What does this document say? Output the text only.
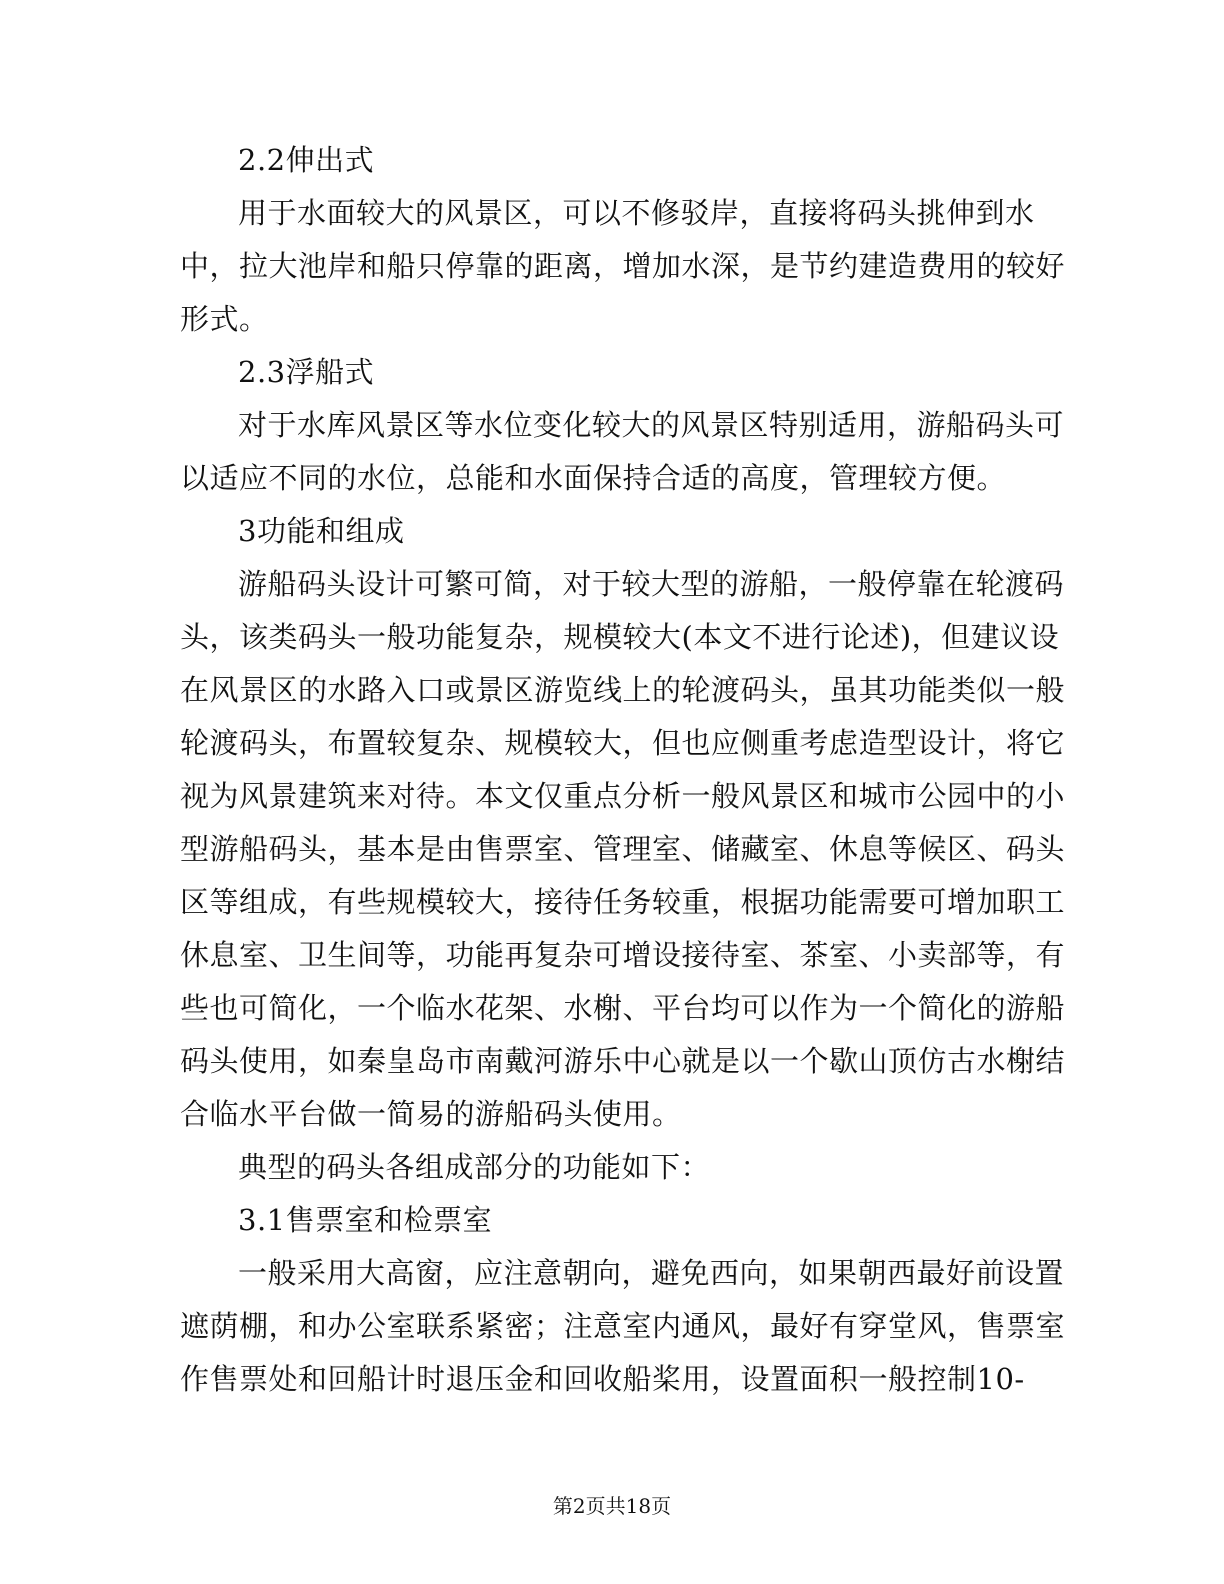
2.2伸出式
用于水面较大的风景区，可以不修驳岸，直接将码头挑伸到水
中，拉大池岸和船只停靠的距离，增加水深，是节约建造费用的较好
形式。
2.3浮船式
对于水库风景区等水位变化较大的风景区特别适用，游船码头可
以适应不同的水位，总能和水面保持合适的高度，管理较方便。
3功能和组成
游船码头设计可繁可简，对于较大型的游船，一般停靠在轮渡码
头，该类码头一般功能复杂，规模较大(本文不进行论述)，但建议设
在风景区的水路入口或景区游览线上的轮渡码头，虽其功能类似一般
轮渡码头，布置较复杂、规模较大，但也应侧重考虑造型设计，将它
视为风景建筑来对待。本文仅重点分析一般风景区和城市公园中的小
型游船码头，基本是由售票室、管理室、储藏室、休息等候区、码头
区等组成，有些规模较大，接待任务较重，根据功能需要可增加职工
休息室、卫生间等，功能再复杂可增设接待室、茶室、小卖部等，有
些也可简化，一个临水花架、水榭、平台均可以作为一个简化的游船
码头使用，如秦皇岛市南戴河游乐中心就是以一个歇山顶仿古水榭结
合临水平台做一简易的游船码头使用。
典型的码头各组成部分的功能如下：
3.1售票室和检票室
一般采用大高窗，应注意朝向，避免西向，如果朝西最好前设置
遮荫棚，和办公室联系紧密；注意室内通风，最好有穿堂风，售票室
作售票处和回船计时退压金和回收船桨用，设置面积一般控制10-
第2页共18页
